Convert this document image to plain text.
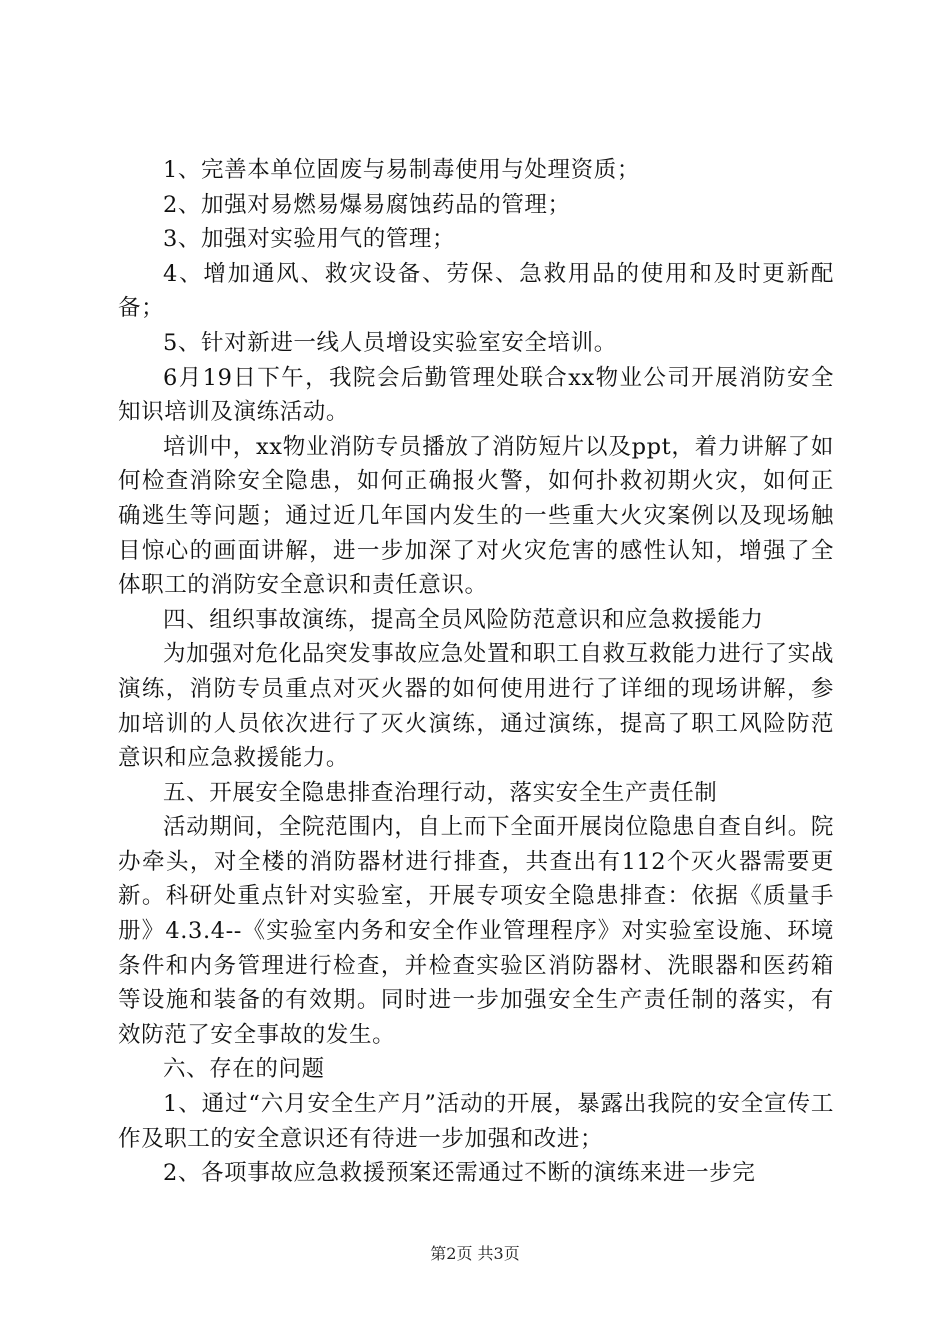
1、完善本单位固废与易制毒使用与处理资质；

2、加强对易燃易爆易腐蚀药品的管理；

3、加强对实验用气的管理；

4、增加通风、救灾设备、劳保、急救用品的使用和及时更新配备；

5、针对新进一线人员增设实验室安全培训。

6月19日下午，我院会后勤管理处联合xx物业公司开展消防安全知识培训及演练活动。

培训中，xx物业消防专员播放了消防短片以及ppt，着力讲解了如何检查消除安全隐患，如何正确报火警，如何扑救初期火灾，如何正确逃生等问题；通过近几年国内发生的一些重大火灾案例以及现场触目惊心的画面讲解，进一步加深了对火灾危害的感性认知，增强了全体职工的消防安全意识和责任意识。

四、组织事故演练，提高全员风险防范意识和应急救援能力

为加强对危化品突发事故应急处置和职工自救互救能力进行了实战演练，消防专员重点对灭火器的如何使用进行了详细的现场讲解，参加培训的人员依次进行了灭火演练，通过演练，提高了职工风险防范意识和应急救援能力。

五、开展安全隐患排查治理行动，落实安全生产责任制

活动期间，全院范围内，自上而下全面开展岗位隐患自查自纠。院办牵头，对全楼的消防器材进行排查，共查出有112个灭火器需要更新。科研处重点针对实验室，开展专项安全隐患排查：依据《质量手册》4.3.4--《实验室内务和安全作业管理程序》对实验室设施、环境条件和内务管理进行检查，并检查实验区消防器材、洗眼器和医药箱等设施和装备的有效期。同时进一步加强安全生产责任制的落实，有效防范了安全事故的发生。

六、存在的问题

1、通过“六月安全生产月”活动的开展，暴露出我院的安全宣传工作及职工的安全意识还有待进一步加强和改进；

2、各项事故应急救援预案还需通过不断的演练来进一步完

第2页 共3页
